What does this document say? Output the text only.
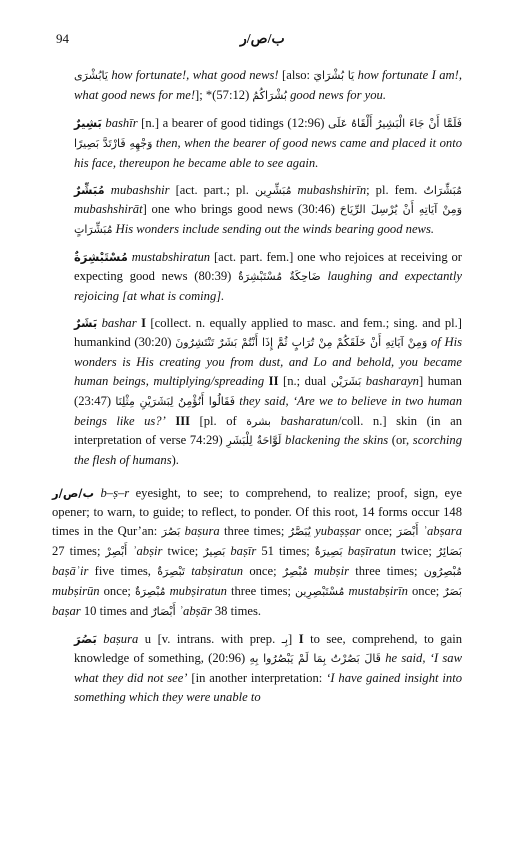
94	ب/ص/ر

يَابُشْرَى how fortunate!, what good news! [also: يَا بُشْرَايَ how fortunate I am!, what good news for me!]; *(57:12) بُشْرَاكُمُ good news for you.

بَشِيرٌ bashīr [n.] a bearer of good tidings (12:96) فَلَمَّا أَنْ جَاءَ الْبَشِيرُ أَلْقَاهُ عَلَى وَجْهِهِ فَارْتَدَّ بَصِيرًا then, when the bearer of good news came and placed it onto his face, thereupon he became able to see again.

مُبَشِّرٌ mubashshir [act. part.; pl. مُبَشِّرِين mubashshirīn; pl. fem. مُبَشِّرَاتٌ mubashshirāt] one who brings good news (30:46) وَمِنْ آيَاتِهِ أَنْ يُرْسِلَ الرِّيَاحَ مُبَشِّرَاتٍ His wonders include sending out the winds bearing good news.

مُسْتَبْشِرَةٌ mustabshiratun [act. part. fem.] one who rejoices at receiving or expecting good news (80:39) ضَاحِكَةٌ مُسْتَبْشِرَةٌ laughing and expectantly rejoicing [at what is coming].

بَشَرٌ bashar I [collect. n. equally applied to masc. and fem.; sing. and pl.] humankind (30:20) وَمِنْ آيَاتِهِ أَنْ خَلَقَكُمْ مِنْ تُرَابٍ ثُمَّ إِذَا أَنْتُمْ بَشَرٌ تَنْتَشِرُونَ of His wonders is His creating you from dust, and Lo and behold, you became human beings, multiplying/spreading II [n.; dual بَشَرَيْن basharayn] human (23:47) فَقَالُوا أَنُؤْمِنُ لِبَشَرَيْنِ مِثْلِنَا they said, ‘Are we to believe in two human beings like us?’ III [pl. of بشرة basharatun/coll. n.] skin (in an interpretation of verse 74:29) لَوَّاحَةٌ لِلْبَشَرِ blackening the skins (or, scorching the flesh of humans).

ب/ص/ر b–ṣ–r eyesight, to see; to comprehend, to realize; proof, sign, eye opener; to warn, to guide; to reflect, to ponder. Of this root, 14 forms occur 148 times in the Qur’an: بَصُرَ baṣura three times; يُبَصَّرُ yubaṣṣar once; أَبْصَرَ ʾabṣara 27 times; أَبْصِرْ ʾabṣir twice; بَصِيرٌ baṣīr 51 times; بَصِيرَةٌ baṣīratun twice; بَصَائِرُ baṣāʾir five times, تَبْصِرَةٌ tabṣiratun once; مُبْصِرٌ mubṣir three times; مُبْصِرُون mubṣirūn once; مُبْصِرَةٌ mubṣiratun three times; مُسْتَبْصِرِين mustabṣirīn once; بَصَرٌ baṣar 10 times and أَبْصَارٌ ʾabṣār 38 times.

بَصُرَ baṣura u [v. intrans. with prep. بِـ] I to see, comprehend, to gain knowledge of something, (20:96) قَالَ بَصُرْتُ بِمَا لَمْ يَبْصُرُوا بِهِ he said, ‘I saw what they did not see’ [in another interpretation: ‘I have gained insight into something which they were unable to
